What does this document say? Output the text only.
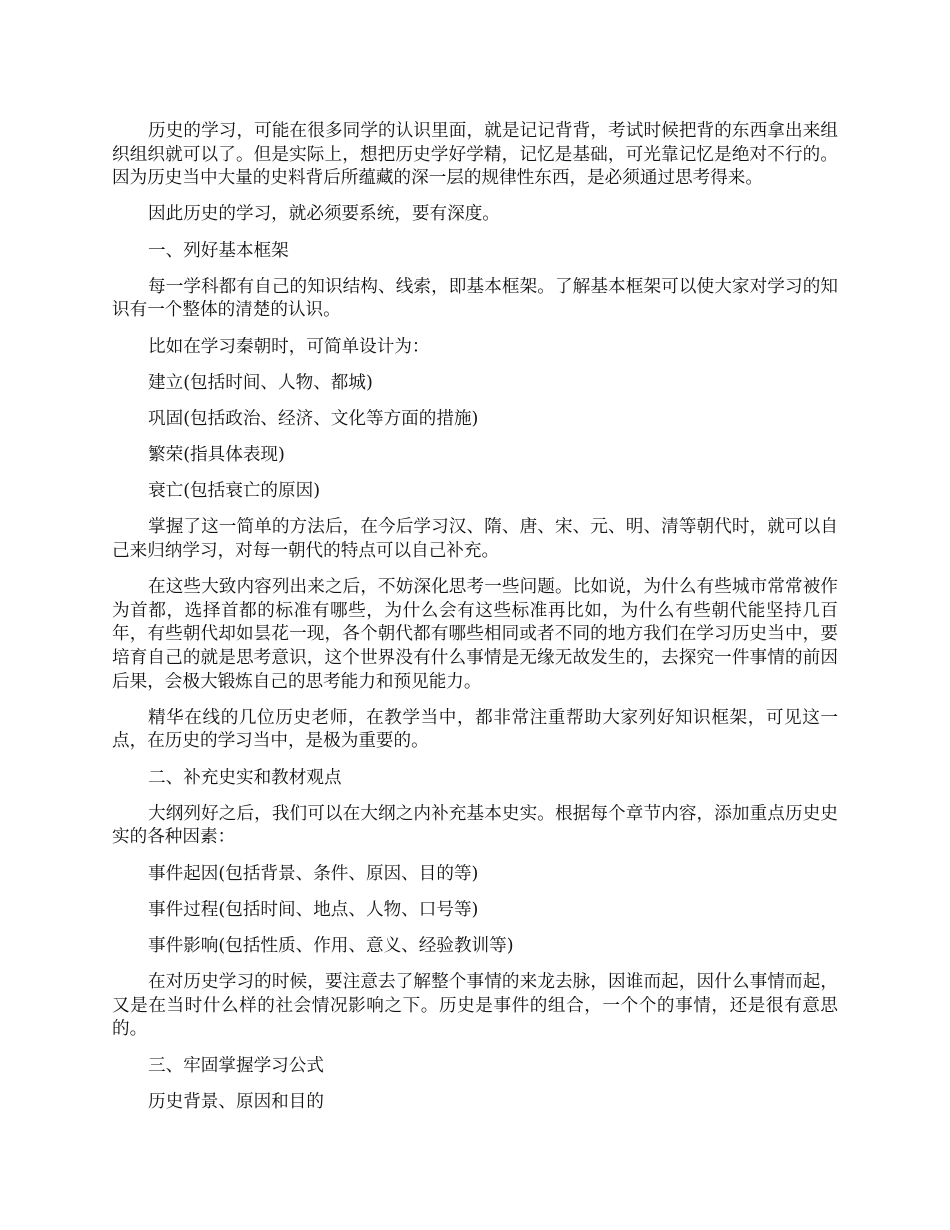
历史的学习，可能在很多同学的认识里面，就是记记背背，考试时候把背的东西拿出来组织组织就可以了。但是实际上，想把历史学好学精，记忆是基础，可光靠记忆是绝对不行的。因为历史当中大量的史料背后所蕴藏的深一层的规律性东西，是必须通过思考得来。

因此历史的学习，就必须要系统，要有深度。

一、列好基本框架

每一学科都有自己的知识结构、线索，即基本框架。了解基本框架可以使大家对学习的知识有一个整体的清楚的认识。

比如在学习秦朝时，可简单设计为：

建立(包括时间、人物、都城)

巩固(包括政治、经济、文化等方面的措施)

繁荣(指具体表现)

衰亡(包括衰亡的原因)

掌握了这一简单的方法后，在今后学习汉、隋、唐、宋、元、明、清等朝代时，就可以自己来归纳学习，对每一朝代的特点可以自己补充。

在这些大致内容列出来之后，不妨深化思考一些问题。比如说，为什么有些城市常常被作为首都，选择首都的标准有哪些，为什么会有这些标准再比如，为什么有些朝代能坚持几百年，有些朝代却如昙花一现，各个朝代都有哪些相同或者不同的地方我们在学习历史当中，要培育自己的就是思考意识，这个世界没有什么事情是无缘无故发生的，去探究一件事情的前因后果，会极大锻炼自己的思考能力和预见能力。

精华在线的几位历史老师，在教学当中，都非常注重帮助大家列好知识框架，可见这一点，在历史的学习当中，是极为重要的。

二、补充史实和教材观点

大纲列好之后，我们可以在大纲之内补充基本史实。根据每个章节内容，添加重点历史史实的各种因素：

事件起因(包括背景、条件、原因、目的等)

事件过程(包括时间、地点、人物、口号等)

事件影响(包括性质、作用、意义、经验教训等)

在对历史学习的时候，要注意去了解整个事情的来龙去脉，因谁而起，因什么事情而起，又是在当时什么样的社会情况影响之下。历史是事件的组合，一个个的事情，还是很有意思的。

三、牢固掌握学习公式

历史背景、原因和目的
